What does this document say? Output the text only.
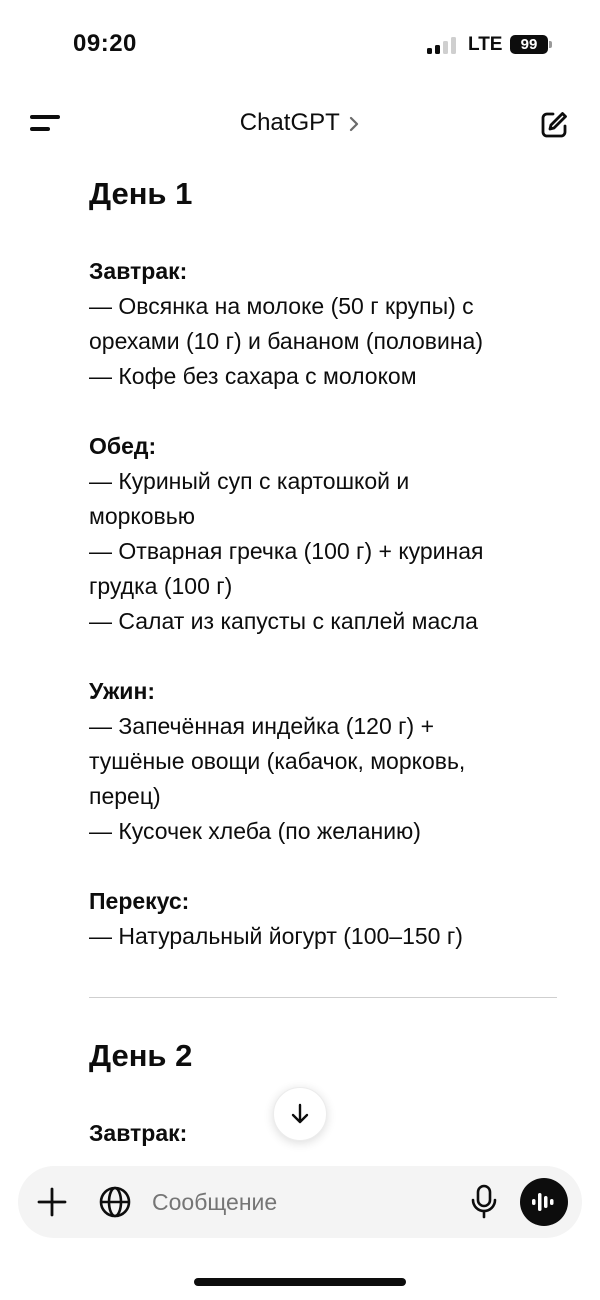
09:20	LTE	99
ChatGPT
День 1
Завтрак:
— Овсянка на молоке (50 г крупы) с
орехами (10 г) и бананом (половина)
— Кофе без сахара с молоком
Обед:
— Куриный суп с картошкой и
морковью
— Отварная гречка (100 г) + куриная
грудка (100 г)
— Салат из капусты с каплей масла
Ужин:
— Запечённая индейка (120 г) +
тушёные овощи (кабачок, морковь,
перец)
— Кусочек хлеба (по желанию)
Перекус:
— Натуральный йогурт (100–150 г)
День 2
Завтрак:
Сообщение
